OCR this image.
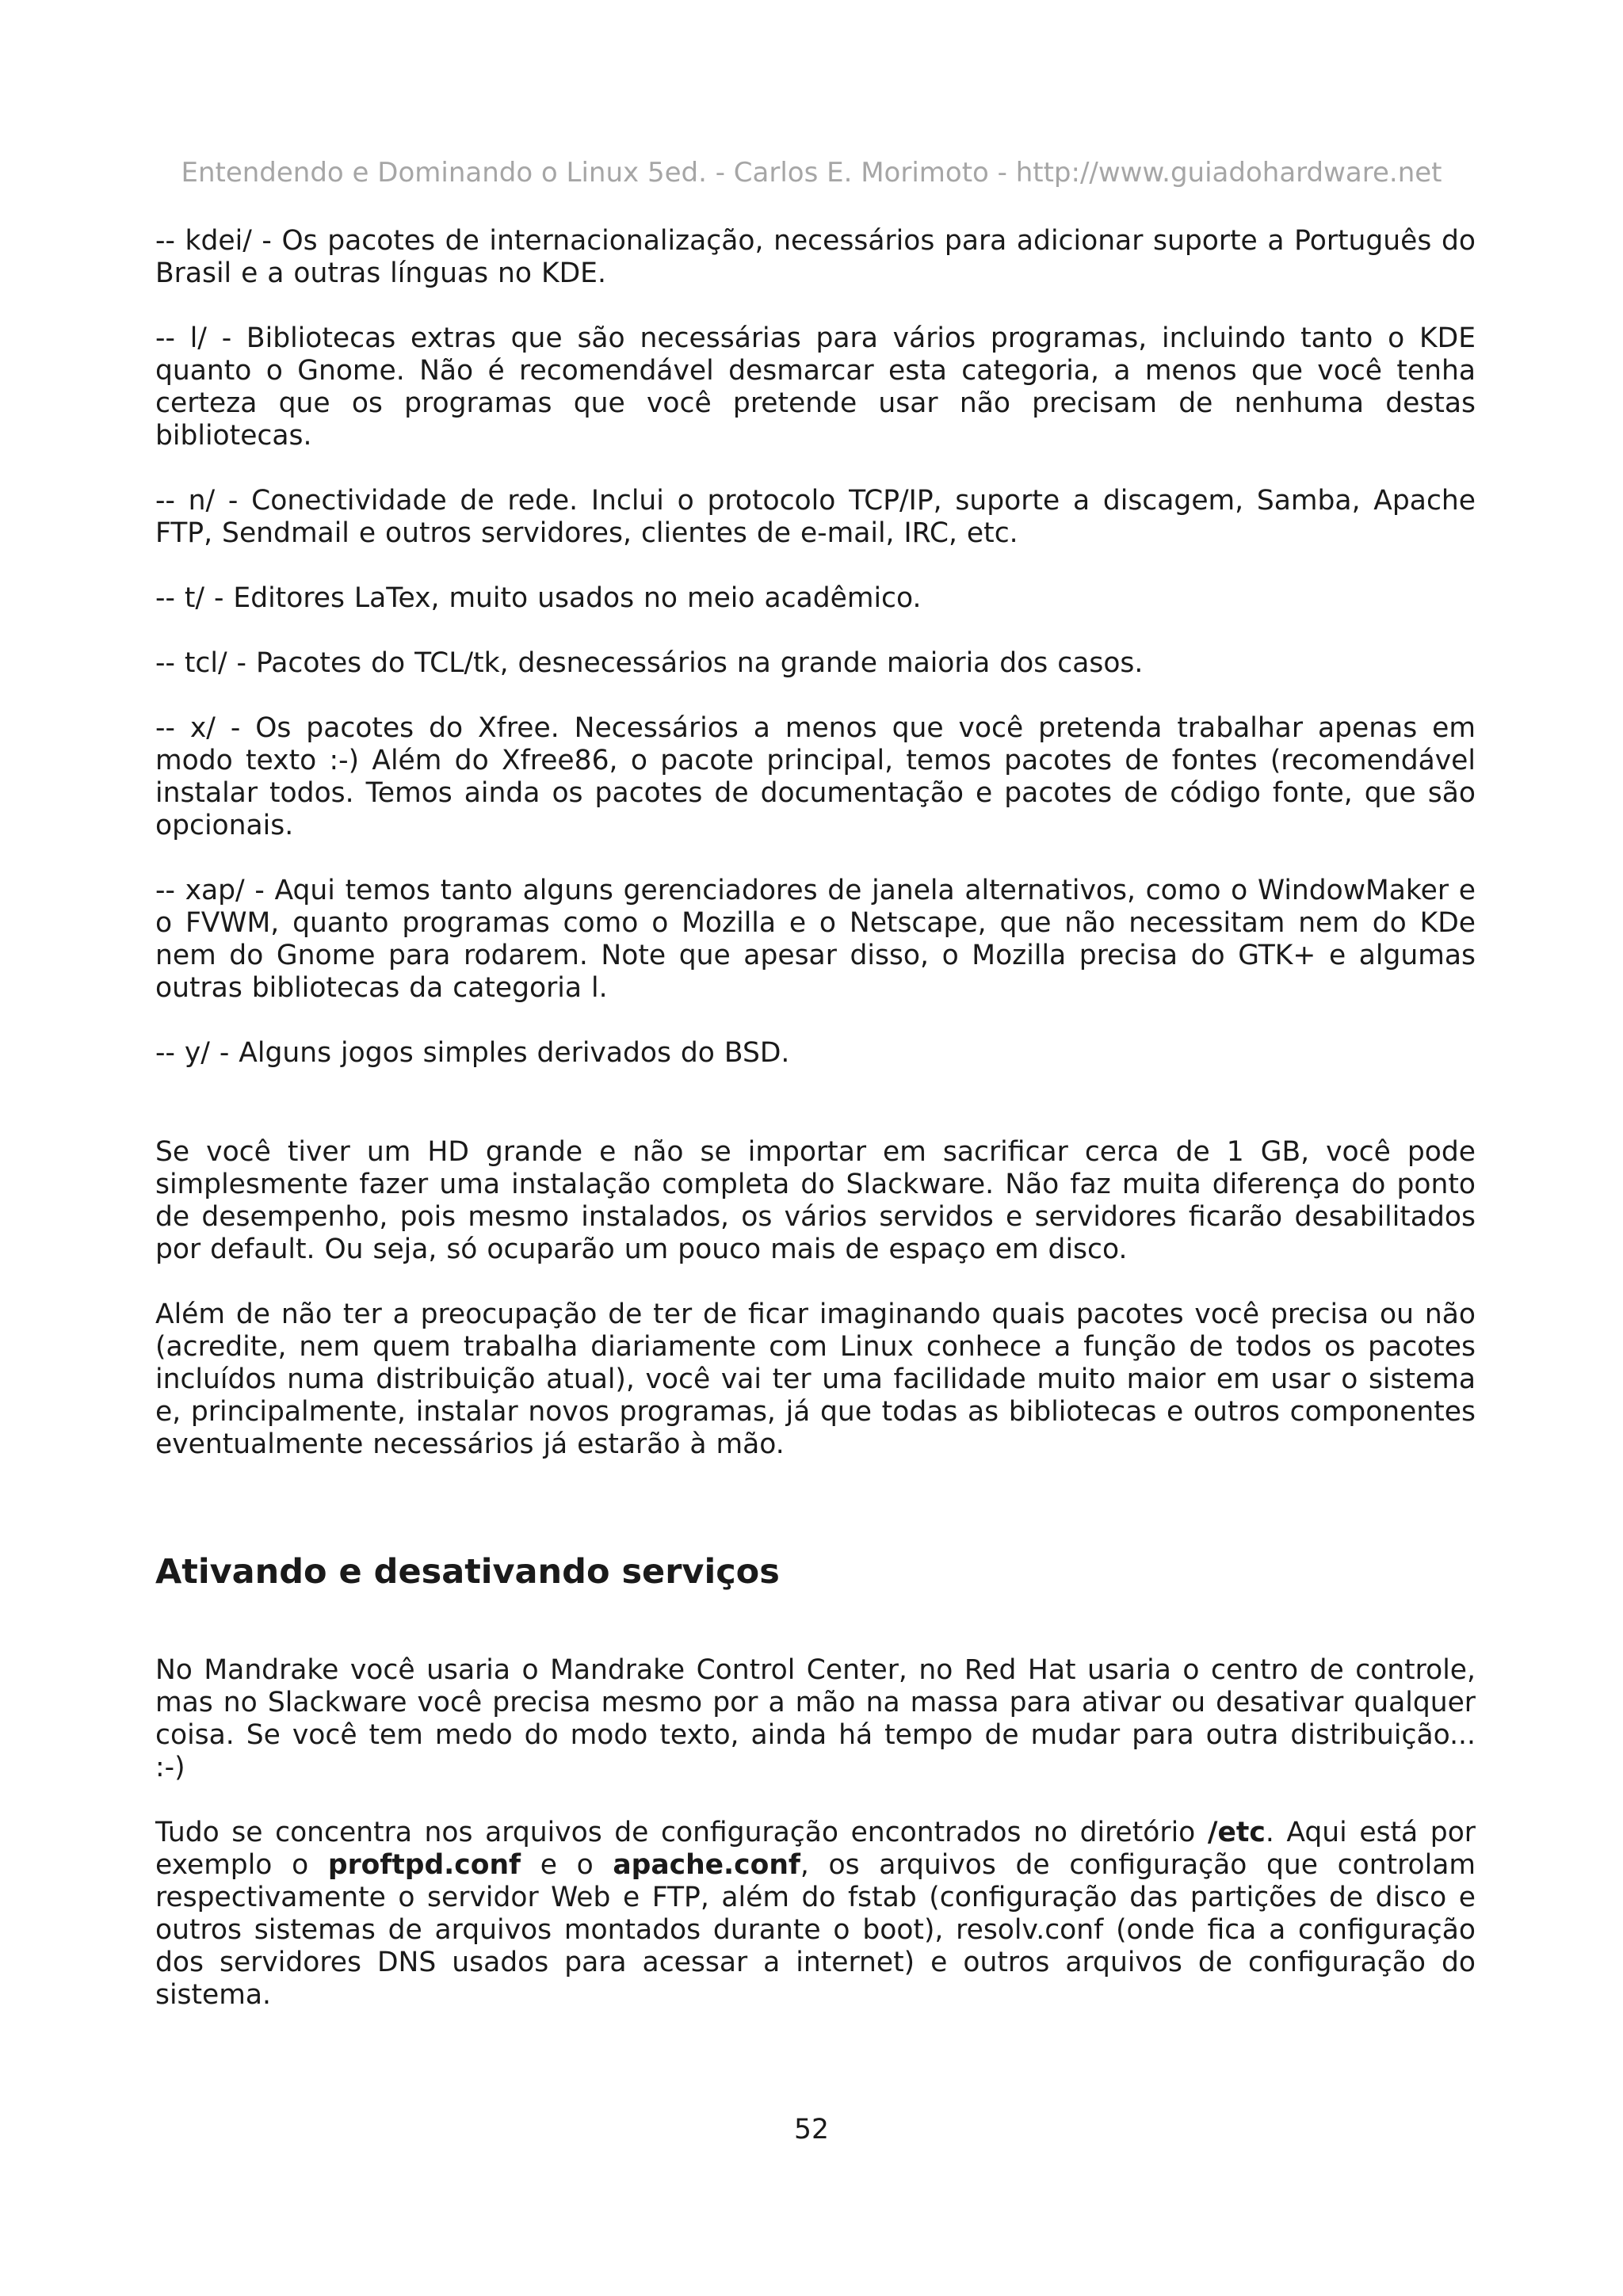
Entendendo e Dominando o Linux 5ed. - Carlos E. Morimoto - http://www.guiadohardware.net

-- kdei/ - Os pacotes de internacionalização, necessários para adicionar suporte a Português do Brasil e a outras línguas no KDE.

-- l/ - Bibliotecas extras que são necessárias para vários programas, incluindo tanto o KDE quanto o Gnome. Não é recomendável desmarcar esta categoria, a menos que você tenha certeza que os programas que você pretende usar não precisam de nenhuma destas bibliotecas.

-- n/ - Conectividade de rede. Inclui o protocolo TCP/IP, suporte a discagem, Samba, Apache FTP, Sendmail e outros servidores, clientes de e-mail, IRC, etc.

-- t/ - Editores LaTex, muito usados no meio acadêmico.

-- tcl/ - Pacotes do TCL/tk, desnecessários na grande maioria dos casos.

-- x/ - Os pacotes do Xfree. Necessários a menos que você pretenda trabalhar apenas em modo texto :-) Além do Xfree86, o pacote principal, temos pacotes de fontes (recomendável instalar todos. Temos ainda os pacotes de documentação e pacotes de código fonte, que são opcionais.

-- xap/ - Aqui temos tanto alguns gerenciadores de janela alternativos, como o WindowMaker e o FVWM, quanto programas como o Mozilla e o Netscape, que não necessitam nem do KDe nem do Gnome para rodarem. Note que apesar disso, o Mozilla precisa do GTK+ e algumas outras bibliotecas da categoria l.

-- y/ - Alguns jogos simples derivados do BSD.

Se você tiver um HD grande e não se importar em sacrificar cerca de 1 GB, você pode simplesmente fazer uma instalação completa do Slackware. Não faz muita diferença do ponto de desempenho, pois mesmo instalados, os vários servidos e servidores ficarão desabilitados por default. Ou seja, só ocuparão um pouco mais de espaço em disco.

Além de não ter a preocupação de ter de ficar imaginando quais pacotes você precisa ou não (acredite, nem quem trabalha diariamente com Linux conhece a função de todos os pacotes incluídos numa distribuição atual), você vai ter uma facilidade muito maior em usar o sistema e, principalmente, instalar novos programas, já que todas as bibliotecas e outros componentes eventualmente necessários já estarão à mão.

Ativando e desativando serviços

No Mandrake você usaria o Mandrake Control Center, no Red Hat usaria o centro de controle, mas no Slackware você precisa mesmo por a mão na massa para ativar ou desativar qualquer coisa. Se você tem medo do modo texto, ainda há tempo de mudar para outra distribuição... :-)

Tudo se concentra nos arquivos de configuração encontrados no diretório /etc. Aqui está por exemplo o proftpd.conf e o apache.conf, os arquivos de configuração que controlam respectivamente o servidor Web e FTP, além do fstab (configuração das partições de disco e outros sistemas de arquivos montados durante o boot), resolv.conf (onde fica a configuração dos servidores DNS usados para acessar a internet) e outros arquivos de configuração do sistema.

52
